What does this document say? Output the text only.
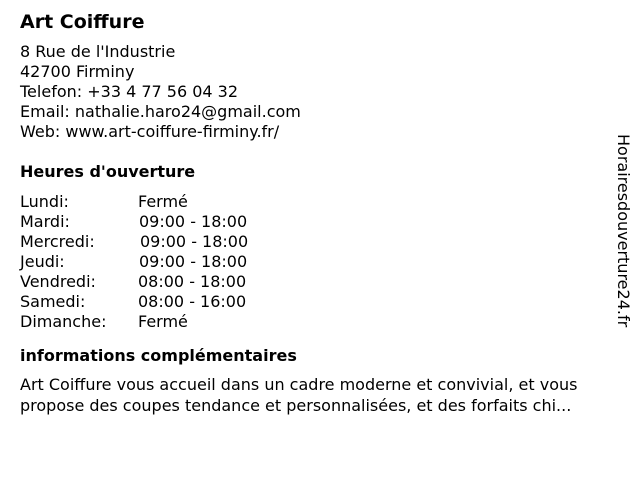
Art Coiffure
8 Rue de l'Industrie
42700 Firminy
Telefon: +33 4 77 56 04 32
Email: nathalie.haro24@gmail.com
Web: www.art-coiffure-firminy.fr/
Heures d'ouverture
Lundi:	Fermé
Mardi:	09:00 - 18:00
Mercredi:	09:00 - 18:00
Jeudi:	09:00 - 18:00
Vendredi:	08:00 - 18:00
Samedi:	08:00 - 16:00
Dimanche: Fermé
informations complémentaires
Art Coiffure vous accueil dans un cadre moderne et convivial, et vous propose des coupes tendance et personnalisées, et des forfaits chi...
Horairesdouverture24.fr
